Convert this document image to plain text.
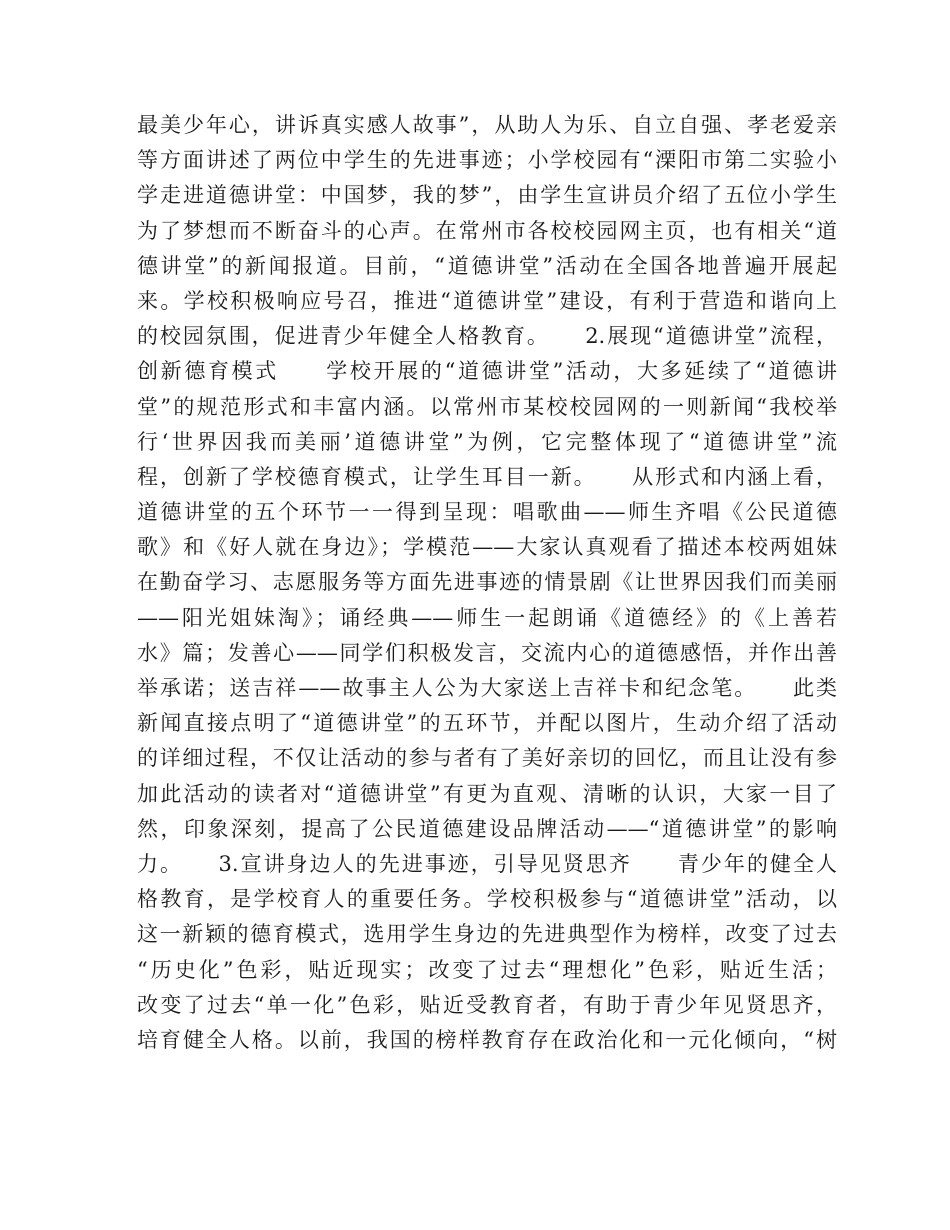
最美少年心，讲诉真实感人故事”，从助人为乐、自立自强、孝老爱亲
等方面讲述了两位中学生的先进事迹；小学校园有“溧阳市第二实验小
学走进道德讲堂：中国梦，我的梦”，由学生宣讲员介绍了五位小学生
为了梦想而不断奋斗的心声。在常州市各校校园网主页，也有相关“道
德讲堂”的新闻报道。目前，“道德讲堂”活动在全国各地普遍开展起
来。学校积极响应号召，推进“道德讲堂”建设，有利于营造和谐向上
的校园氛围，促进青少年健全人格教育。　　2.展现“道德讲堂”流程，
创新德育模式　　学校开展的“道德讲堂”活动，大多延续了“道德讲
堂”的规范形式和丰富内涵。以常州市某校校园网的一则新闻“我校举
行‘世界因我而美丽’道德讲堂”为例，它完整体现了“道德讲堂”流
程，创新了学校德育模式，让学生耳目一新。　　从形式和内涵上看，
道德讲堂的五个环节一一得到呈现：唱歌曲——师生齐唱《公民道德
歌》和《好人就在身边》；学模范——大家认真观看了描述本校两姐妹
在勤奋学习、志愿服务等方面先进事迹的情景剧《让世界因我们而美丽
——阳光姐妹淘》；诵经典——师生一起朗诵《道德经》的《上善若
水》篇；发善心——同学们积极发言，交流内心的道德感悟，并作出善
举承诺；送吉祥——故事主人公为大家送上吉祥卡和纪念笔。　　此类
新闻直接点明了“道德讲堂”的五环节，并配以图片，生动介绍了活动
的详细过程，不仅让活动的参与者有了美好亲切的回忆，而且让没有参
加此活动的读者对“道德讲堂”有更为直观、清晰的认识，大家一目了
然，印象深刻，提高了公民道德建设品牌活动——“道德讲堂”的影响
力。　　3.宣讲身边人的先进事迹，引导见贤思齐　　青少年的健全人
格教育，是学校育人的重要任务。学校积极参与“道德讲堂”活动，以
这一新颖的德育模式，选用学生身边的先进典型作为榜样，改变了过去
“历史化”色彩，贴近现实；改变了过去“理想化”色彩，贴近生活；
改变了过去“单一化”色彩，贴近受教育者，有助于青少年见贤思齐，
培育健全人格。以前，我国的榜样教育存在政治化和一元化倾向，“树
